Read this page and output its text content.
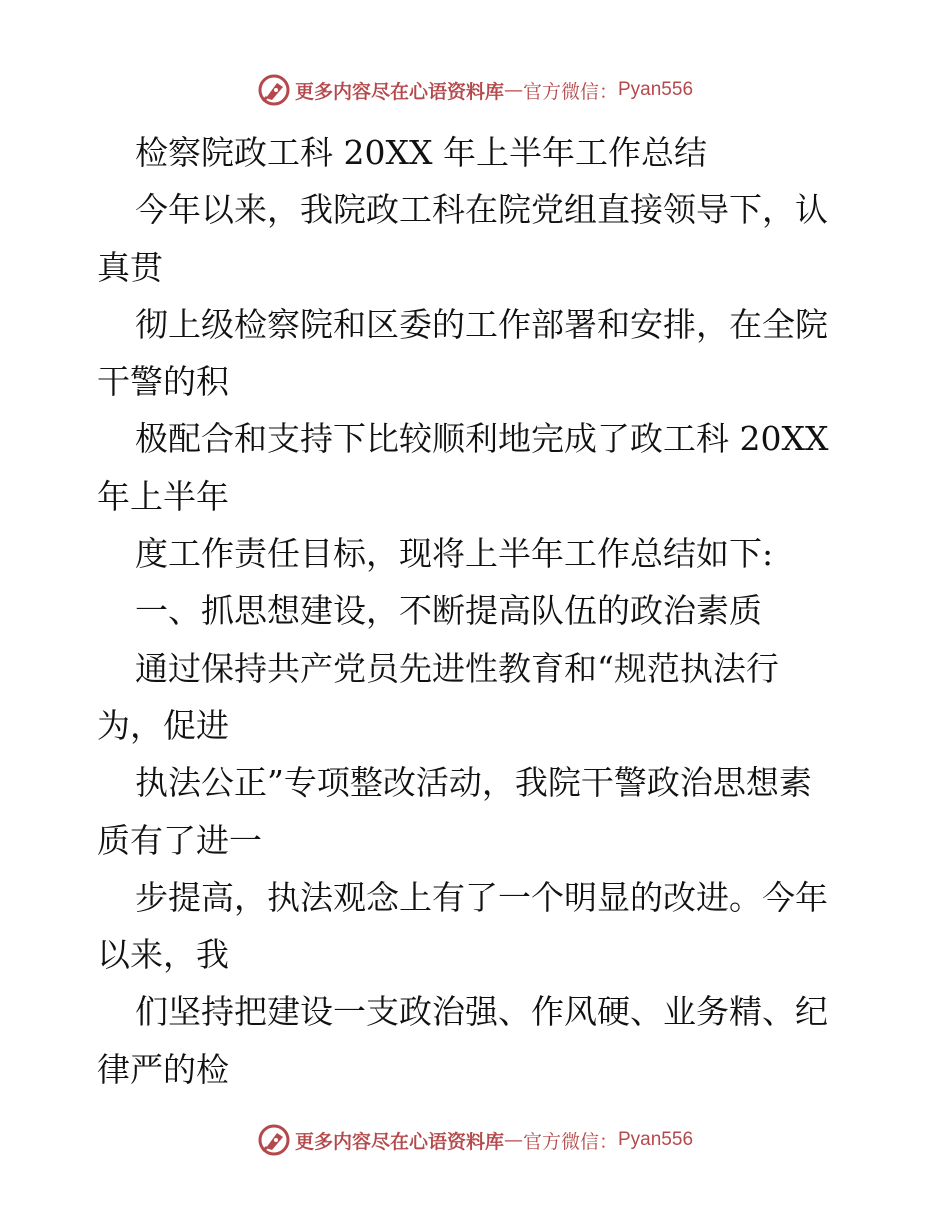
更多内容尽在心语资料库 — 官方微信： Pyan556
检察院政工科 20XX 年上半年工作总结
今年以来，我院政工科在院党组直接领导下，认
真贯
彻上级检察院和区委的工作部署和安排，在全院
干警的积
极配合和支持下比较顺利地完成了政工科 20XX
年上半年
度工作责任目标，现将上半年工作总结如下:
一、抓思想建设，不断提高队伍的政治素质
通过保持共产党员先进性教育和“规范执法行
为，促进
执法公正”专项整改活动，我院干警政治思想素
质有了进一
步提高，执法观念上有了一个明显的改进。今年
以来，我
们坚持把建设一支政治强、作风硬、业务精、纪
律严的检
更多内容尽在心语资料库 — 官方微信： Pyan556
